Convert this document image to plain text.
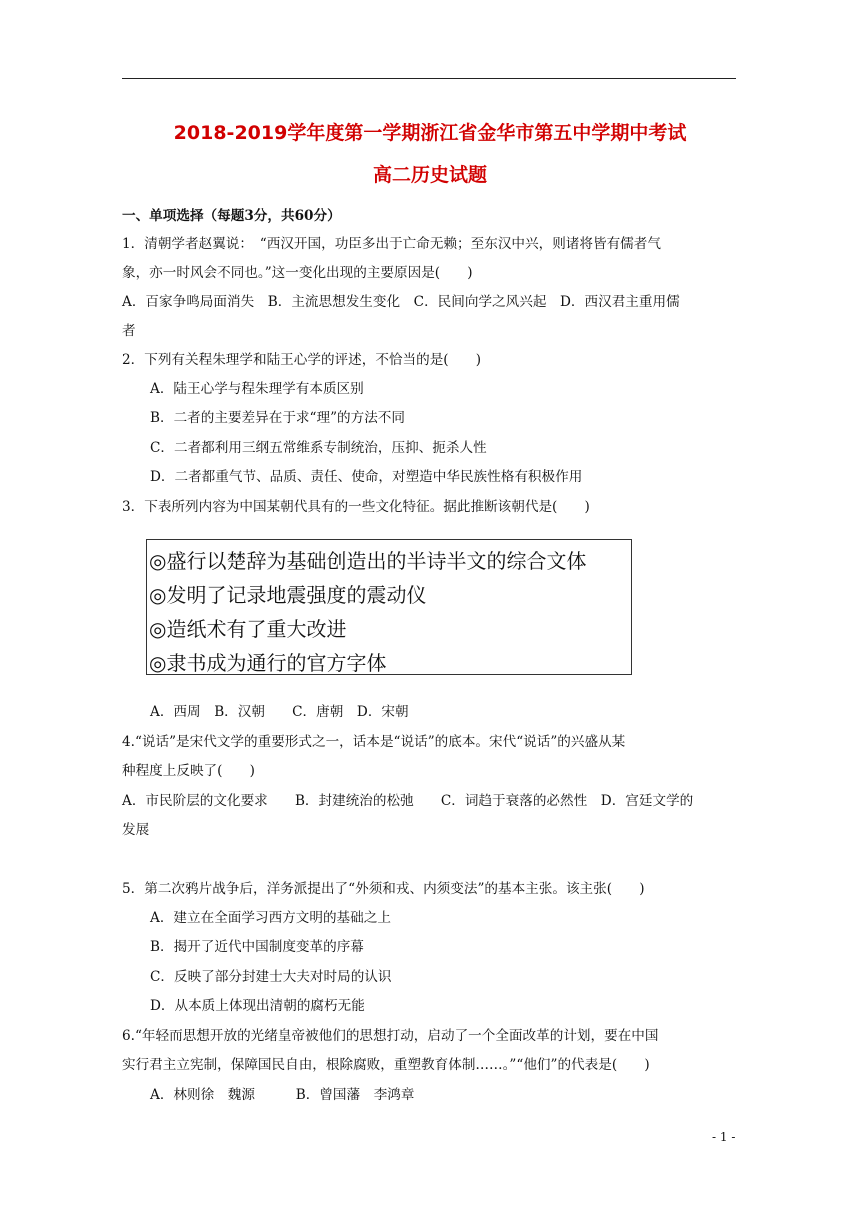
2018-2019学年度第一学期浙江省金华市第五中学期中考试
高二历史试题
一、单项选择（每题3分，共60分）
1．清朝学者赵翼说：　“西汉开国，功臣多出于亡命无赖；至东汉中兴，则诸将皆有儒者气
象，亦一时风会不同也。”这一变化出现的主要原因是(　　)
A．百家争鸣局面消失　B．主流思想发生变化　C．民间向学之风兴起　D．西汉君主重用儒
者
2．下列有关程朱理学和陆王心学的评述，不恰当的是(　　)
A．陆王心学与程朱理学有本质区别
B．二者的主要差异在于求“理”的方法不同
C．二者都利用三纲五常维系专制统治，压抑、扼杀人性
D．二者都重气节、品质、责任、使命，对塑造中华民族性格有积极作用
3．下表所列内容为中国某朝代具有的一些文化特征。据此推断该朝代是(　　)
◎盛行以楚辞为基础创造出的半诗半文的综合文体
◎发明了记录地震强度的震动仪
◎造纸术有了重大改进
◎隶书成为通行的官方字体
A．西周　B．汉朝　　C．唐朝　D．宋朝
4.“说话”是宋代文学的重要形式之一，话本是“说话”的底本。宋代“说话”的兴盛从某
种程度上反映了(　　)
A．市民阶层的文化要求　　B．封建统治的松弛　　C．词趋于衰落的必然性　D．宫廷文学的
发展
5．第二次鸦片战争后，洋务派提出了“外须和戎、内须变法”的基本主张。该主张(　　)
A．建立在全面学习西方文明的基础之上
B．揭开了近代中国制度变革的序幕
C．反映了部分封建士大夫对时局的认识
D．从本质上体现出清朝的腐朽无能
6.“年轻而思想开放的光绪皇帝被他们的思想打动，启动了一个全面改革的计划，要在中国
实行君主立宪制，保障国民自由，根除腐败，重塑教育体制……。”“他们”的代表是(　　)
A．林则徐　魏源　　　B．曾国藩　李鸿章
- 1 -
